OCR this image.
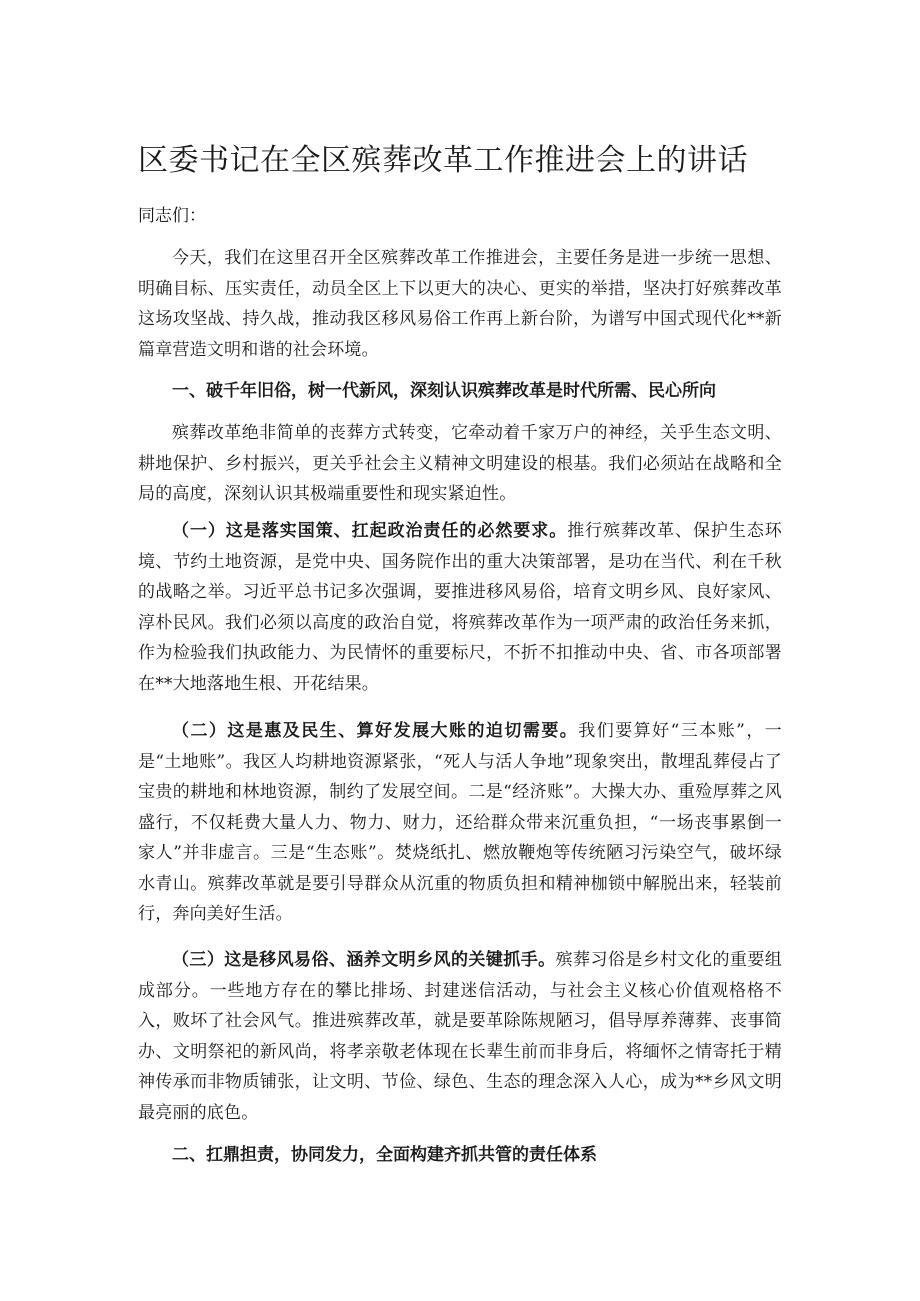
区委书记在全区殡葬改革工作推进会上的讲话
同志们：

今天，我们在这里召开全区殡葬改革工作推进会，主要任务是进一步统一思想、明确目标、压实责任，动员全区上下以更大的决心、更实的举措，坚决打好殡葬改革这场攻坚战、持久战，推动我区移风易俗工作再上新台阶，为谱写中国式现代化**新篇章营造文明和谐的社会环境。

一、破千年旧俗，树一代新风，深刻认识殡葬改革是时代所需、民心所向

殡葬改革绝非简单的丧葬方式转变，它牵动着千家万户的神经，关乎生态文明、耕地保护、乡村振兴，更关乎社会主义精神文明建设的根基。我们必须站在战略和全局的高度，深刻认识其极端重要性和现实紧迫性。

（一）这是落实国策、扛起政治责任的必然要求。推行殡葬改革、保护生态环境、节约土地资源，是党中央、国务院作出的重大决策部署，是功在当代、利在千秋的战略之举。习近平总书记多次强调，要推进移风易俗，培育文明乡风、良好家风、淳朴民风。我们必须以高度的政治自觉，将殡葬改革作为一项严肃的政治任务来抓，作为检验我们执政能力、为民情怀的重要标尺，不折不扣推动中央、省、市各项部署在**大地落地生根、开花结果。

（二）这是惠及民生、算好发展大账的迫切需要。我们要算好“三本账”，一是“土地账”。我区人均耕地资源紧张，“死人与活人争地”现象突出，散埋乱葬侵占了宝贵的耕地和林地资源，制约了发展空间。二是“经济账”。大操大办、重殓厚葬之风盛行，不仅耗费大量人力、物力、财力，还给群众带来沉重负担，“一场丧事累倒一家人”并非虚言。三是“生态账”。焚烧纸扎、燃放鞭炮等传统陋习污染空气，破坏绿水青山。殡葬改革就是要引导群众从沉重的物质负担和精神枷锁中解脱出来，轻装前行，奔向美好生活。

（三）这是移风易俗、涵养文明乡风的关键抓手。殡葬习俗是乡村文化的重要组成部分。一些地方存在的攀比排场、封建迷信活动，与社会主义核心价值观格格不入，败坏了社会风气。推进殡葬改革，就是要革除陈规陋习，倡导厚养薄葬、丧事简办、文明祭祀的新风尚，将孝亲敬老体现在长辈生前而非身后，将缅怀之情寄托于精神传承而非物质铺张，让文明、节俭、绿色、生态的理念深入人心，成为**乡风文明最亮丽的底色。

二、扛鼎担责，协同发力，全面构建齐抓共管的责任体系
